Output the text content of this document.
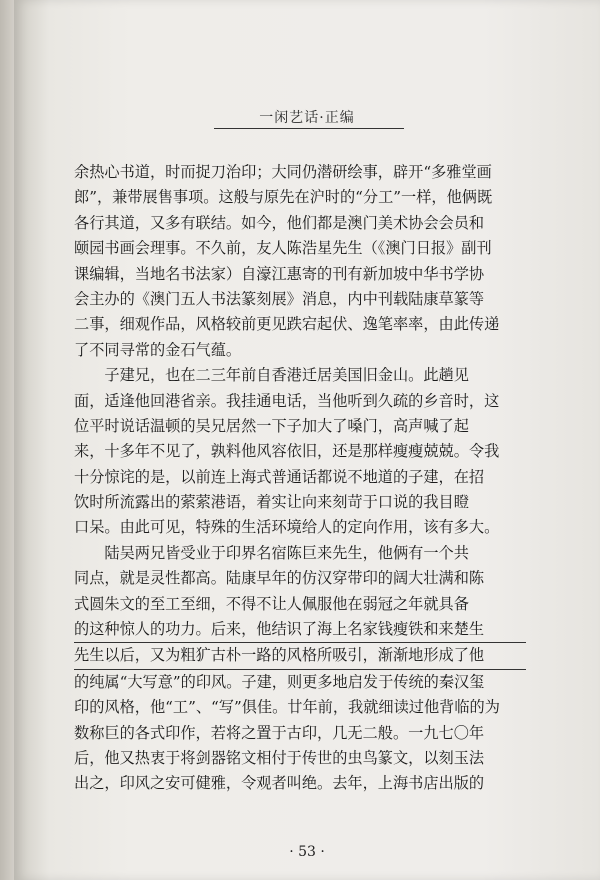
一闲艺话·正编
余热心书道，时而捉刀治印；大同仍潜研绘事，辟开“多雅堂画
郎”，兼带展售事项。这般与原先在沪时的“分工”一样，他俩既
各行其道，又多有联结。如今，他们都是澳门美术协会会员和
颐园书画会理事。不久前，友人陈浩星先生（《澳门日报》副刊
课编辑，当地名书法家）自濠江惠寄的刊有新加坡中华书学协
会主办的《澳门五人书法篆刻展》消息，内中刊载陆康草篆等
二事，细观作品，风格较前更见跌宕起伏、逸笔率率，由此传递
了不同寻常的金石气蕴。
　　子建兄，也在二三年前自香港迁居美国旧金山。此趟见
面，适逢他回港省亲。我挂通电话，当他听到久疏的乡音时，这
位平时说话温顿的吴兄居然一下子加大了嗓门，高声喊了起
来，十多年不见了，孰料他风容依旧，还是那样瘦瘦兢兢。令我
十分惊诧的是，以前连上海式普通话都说不地道的子建，在招
饮时所流露出的萦萦港语，着实让向来刻苛于口说的我目瞪
口呆。由此可见，特殊的生活环境给人的定向作用，该有多大。
　　陆吴两兄皆受业于印界名宿陈巨来先生，他俩有一个共
同点，就是灵性都高。陆康早年的仿汉穿带印的阔大壮满和陈
式圆朱文的至工至细，不得不让人佩服他在弱冠之年就具备
的这种惊人的功力。后来，他结识了海上名家钱瘦铁和来楚生
先生以后，又为粗犷古朴一路的风格所吸引，渐渐地形成了他
的纯属“大写意”的印风。子建，则更多地启发于传统的秦汉玺
印的风格，他“工”、“写”俱佳。廿年前，我就细读过他背临的为
数称巨的各式印作，若将之置于古印，几无二般。一九七〇年
后，他又热衷于将剑器铭文相付于传世的虫鸟篆文，以刻玉法
出之，印风之安可健雅，令观者叫绝。去年，上海书店出版的
· 53 ·
